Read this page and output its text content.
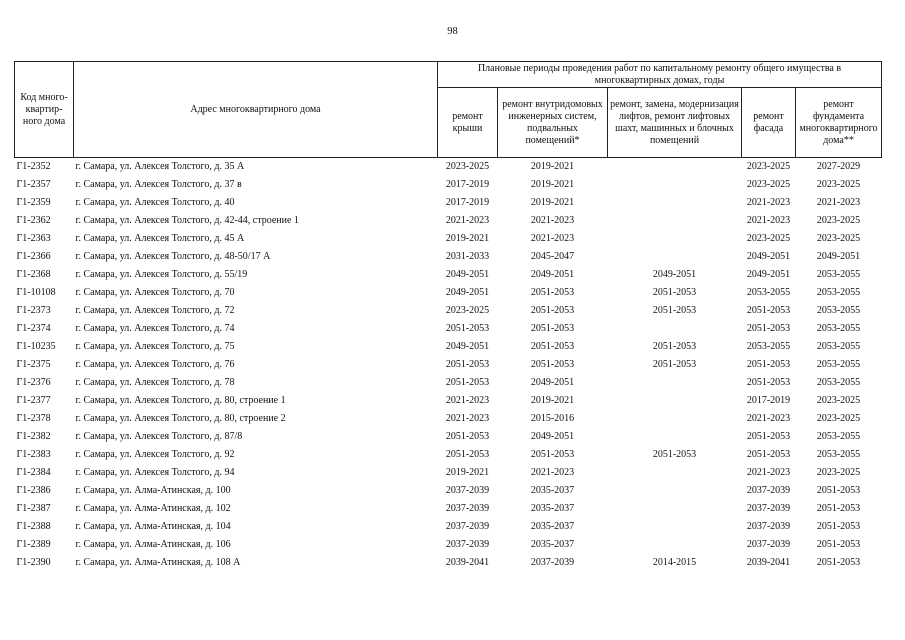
98
Код много-квартир-ного дома	Адрес многоквартирного дома	Плановые периоды проведения работ по капитальному ремонту общего имущества в многоквартирных домах, годы				
		ремонт крыши	ремонт внутридомовых инженерных систем, подвальных помещений*	ремонт, замена, модернизация лифтов, ремонт лифтовых шахт, машинных и блочных помещений	ремонт фасада	ремонт фундамента многоквартирного дома**
Г1-2352	г. Самара, ул. Алексея Толстого, д. 35 А	2023-2025	2019-2021		2023-2025	2027-2029
Г1-2357	г. Самара, ул. Алексея Толстого, д. 37 в	2017-2019	2019-2021		2023-2025	2023-2025
Г1-2359	г. Самара, ул. Алексея Толстого, д. 40	2017-2019	2019-2021		2021-2023	2021-2023
Г1-2362	г. Самара, ул. Алексея Толстого, д. 42-44, строение 1	2021-2023	2021-2023		2021-2023	2023-2025
Г1-2363	г. Самара, ул. Алексея Толстого, д. 45 А	2019-2021	2021-2023		2023-2025	2023-2025
Г1-2366	г. Самара, ул. Алексея Толстого, д. 48-50/17 А	2031-2033	2045-2047		2049-2051	2049-2051
Г1-2368	г. Самара, ул. Алексея Толстого, д. 55/19	2049-2051	2049-2051	2049-2051	2049-2051	2053-2055
Г1-10108	г. Самара, ул. Алексея Толстого, д. 70	2049-2051	2051-2053	2051-2053	2053-2055	2053-2055
Г1-2373	г. Самара, ул. Алексея Толстого, д. 72	2023-2025	2051-2053	2051-2053	2051-2053	2053-2055
Г1-2374	г. Самара, ул. Алексея Толстого, д. 74	2051-2053	2051-2053		2051-2053	2053-2055
Г1-10235	г. Самара, ул. Алексея Толстого, д. 75	2049-2051	2051-2053	2051-2053	2053-2055	2053-2055
Г1-2375	г. Самара, ул. Алексея Толстого, д. 76	2051-2053	2051-2053	2051-2053	2051-2053	2053-2055
Г1-2376	г. Самара, ул. Алексея Толстого, д. 78	2051-2053	2049-2051		2051-2053	2053-2055
Г1-2377	г. Самара, ул. Алексея Толстого, д. 80, строение 1	2021-2023	2019-2021		2017-2019	2023-2025
Г1-2378	г. Самара, ул. Алексея Толстого, д. 80, строение 2	2021-2023	2015-2016		2021-2023	2023-2025
Г1-2382	г. Самара, ул. Алексея Толстого, д. 87/8	2051-2053	2049-2051		2051-2053	2053-2055
Г1-2383	г. Самара, ул. Алексея Толстого, д. 92	2051-2053	2051-2053	2051-2053	2051-2053	2053-2055
Г1-2384	г. Самара, ул. Алексея Толстого, д. 94	2019-2021	2021-2023		2021-2023	2023-2025
Г1-2386	г. Самара, ул. Алма-Атинская, д. 100	2037-2039	2035-2037		2037-2039	2051-2053
Г1-2387	г. Самара, ул. Алма-Атинская, д. 102	2037-2039	2035-2037		2037-2039	2051-2053
Г1-2388	г. Самара, ул. Алма-Атинская, д. 104	2037-2039	2035-2037		2037-2039	2051-2053
Г1-2389	г. Самара, ул. Алма-Атинская, д. 106	2037-2039	2035-2037		2037-2039	2051-2053
Г1-2390	г. Самара, ул. Алма-Атинская, д. 108 А	2039-2041	2037-2039	2014-2015	2039-2041	2051-2053
